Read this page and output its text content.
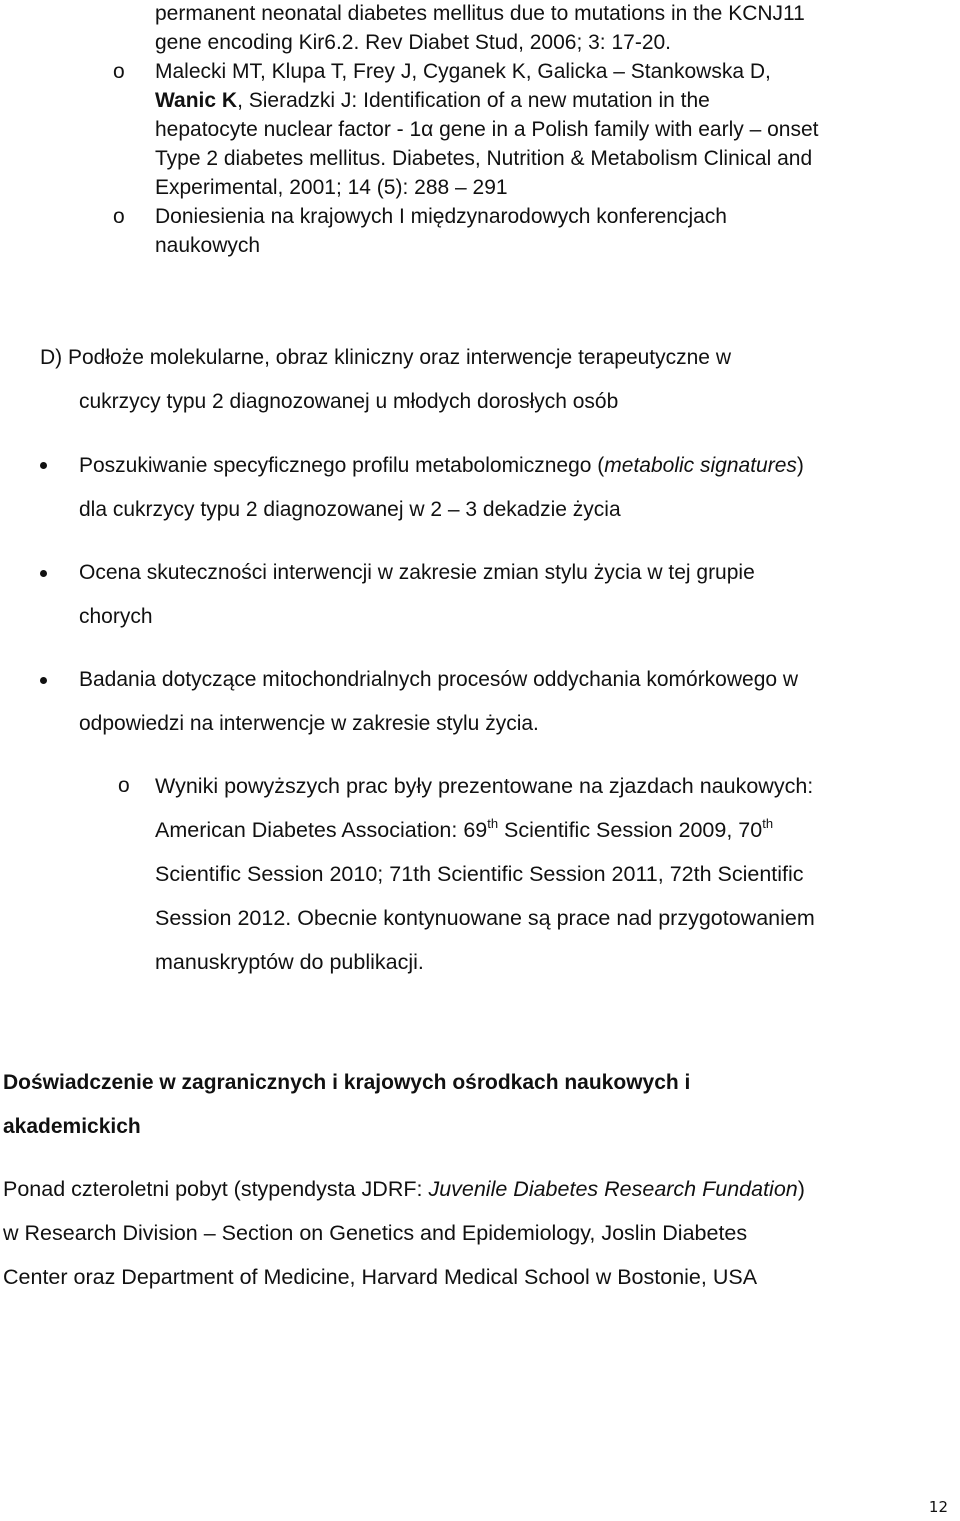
permanent neonatal diabetes mellitus due to mutations in the KCNJ11
gene encoding Kir6.2. Rev Diabet Stud, 2006; 3: 17-20.
o Malecki MT, Klupa T, Frey J, Cyganek K, Galicka – Stankowska D,
Wanic K, Sieradzki J: Identification of a new mutation in the
hepatocyte nuclear factor - 1α gene in a Polish family with early – onset
Type 2 diabetes mellitus. Diabetes, Nutrition & Metabolism Clinical and
Experimental, 2001; 14 (5): 288 – 291
o Doniesienia na krajowych I międzynarodowych konferencjach
naukowych
D) Podłoże molekularne, obraz kliniczny oraz interwencje terapeutyczne w
cukrzycy typu 2 diagnozowanej u młodych dorosłych osób
Poszukiwanie specyficznego profilu metabolomicznego (metabolic signatures)
dla cukrzycy typu 2 diagnozowanej w 2 – 3 dekadzie życia
Ocena skuteczności interwencji w zakresie zmian stylu życia w tej grupie
chorych
Badania dotyczące mitochondrialnych procesów oddychania komórkowego w
odpowiedzi na interwencje w zakresie stylu życia.
o Wyniki powyższych prac były prezentowane na zjazdach naukowych:
American Diabetes Association: 69th Scientific Session 2009, 70th
Scientific Session 2010; 71th Scientific Session 2011, 72th Scientific
Session 2012. Obecnie kontynuowane są prace nad przygotowaniem
manuskryptów do publikacji.
Doświadczenie w zagranicznych i krajowych ośrodkach naukowych i
akademickich
Ponad czteroletni pobyt (stypendysta JDRF: Juvenile Diabetes Research Fundation)
w Research Division – Section on Genetics and Epidemiology, Joslin Diabetes
Center oraz Department of Medicine, Harvard Medical School w Bostonie, USA
12
